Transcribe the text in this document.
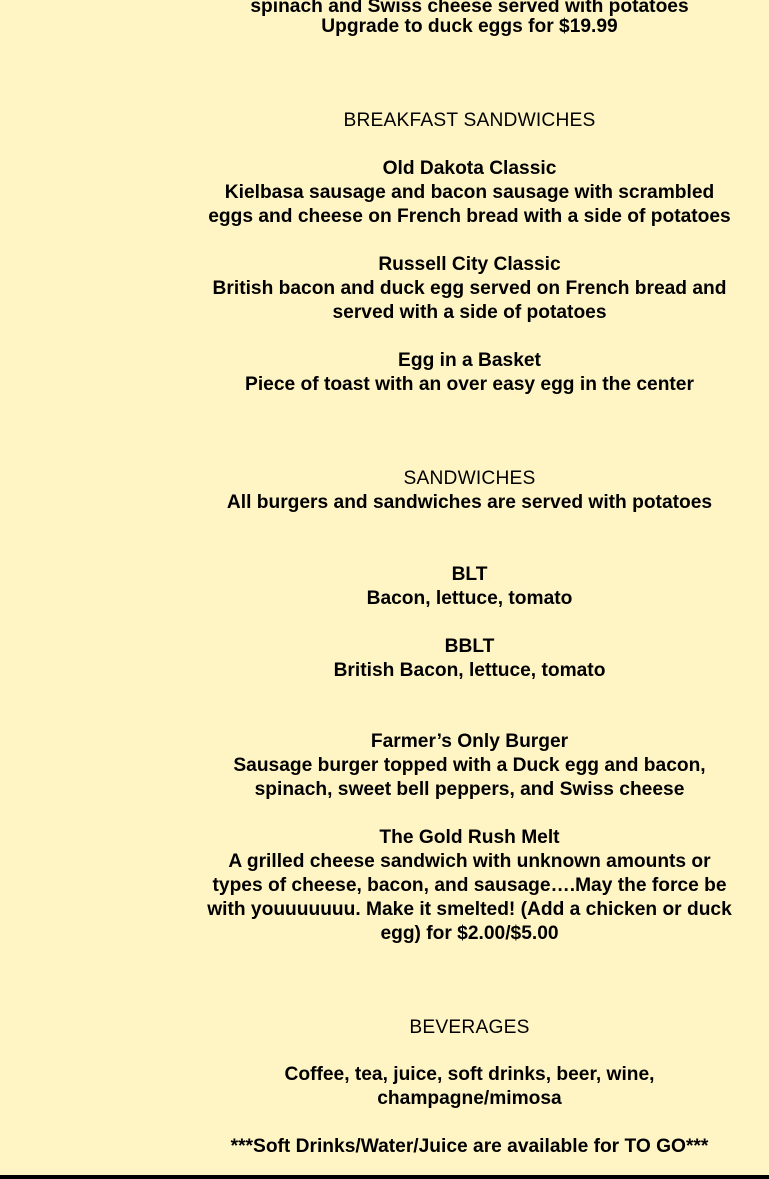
spinach and Swiss cheese served with potatoes
Upgrade to duck eggs for $19.99
BREAKFAST SANDWICHES
Old Dakota Classic
Kielbasa sausage and bacon sausage with scrambled
eggs and cheese on French bread with a side of potatoes
Russell City Classic
British bacon and duck egg served on French bread and
served with a side of potatoes
Egg in a Basket
Piece of toast with an over easy egg in the center
SANDWICHES
All burgers and sandwiches are served with potatoes
BLT
Bacon, lettuce, tomato
BBLT
British Bacon, lettuce, tomato
Farmer’s Only Burger
Sausage burger topped with a Duck egg and bacon,
spinach, sweet bell peppers, and Swiss cheese
The Gold Rush Melt
A grilled cheese sandwich with unknown amounts or
types of cheese, bacon, and sausage….May the force be
with youuuuuuu. Make it smelted! (Add a chicken or duck
egg) for $2.00/$5.00
BEVERAGES
Coffee, tea, juice, soft drinks, beer, wine,
champagne/mimosa
***Soft Drinks/Water/Juice are available for TO GO***
